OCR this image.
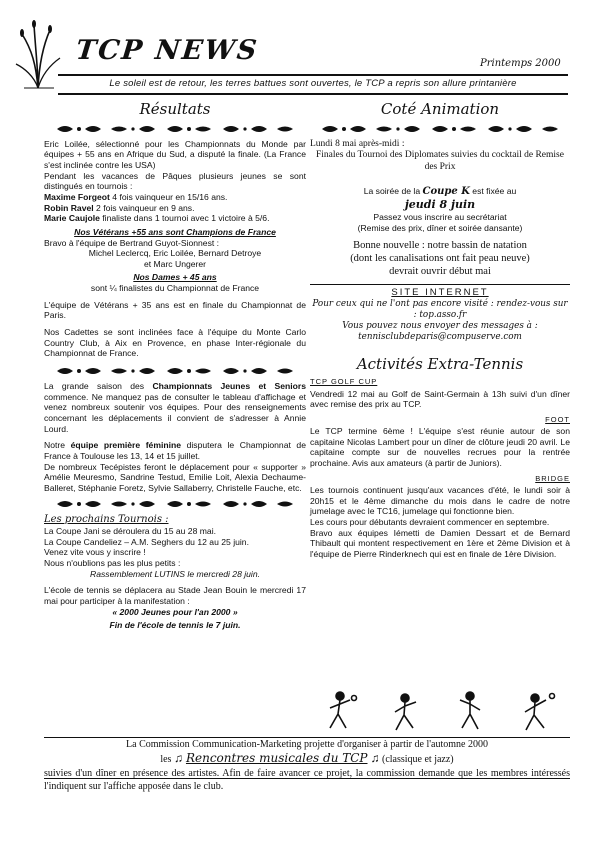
TCP NEWS	Printemps 2000
Le soleil est de retour, les terres battues sont ouvertes, le TCP a repris son allure printanière
Résultats

Eric Loilée, sélectionné pour les Championnats du Monde par équipes + 55 ans en Afrique du Sud, a disputé la finale. (La France s'est inclinée contre les USA)

Pendant les vacances de Pâques plusieurs jeunes se sont distingués en tournois :

Maxime Forgeot 4 fois vainqueur en 15/16 ans.

Robin Ravel 2 fois vainqueur en 9 ans.

Marie Caujole finaliste dans 1 tournoi avec 1 victoire à 5/6.

Nos Vétérans +55 ans sont Champions de France

Bravo à l'équipe de Bertrand Guyot-Sionnest :

Michel Leclercq, Eric Loilée, Bernard Detroye

et Marc Ungerer

Nos Dames + 45 ans

sont ¼ finalistes du Championnat de France

L'équipe de Vétérans + 35 ans est en finale du Championnat de Paris.

Nos Cadettes se sont inclinées face à l'équipe du Monte Carlo Country Club, à Aix en Provence, en phase Inter-régionale du Championnat de France.

La grande saison des Championnats Jeunes et Seniors commence. Ne manquez pas de consulter le tableau d'affichage et venez nombreux soutenir vos équipes. Pour des renseignements concernant les déplacements il convient de s'adresser à Annie Lourd.

Notre équipe première féminine disputera le Championnat de France à Toulouse les 13, 14 et 15 juillet.

De nombreux Tecépistes feront le déplacement pour « supporter » Amélie Meuresmo, Sandrine Testud, Emilie Loit, Alexia Dechaume-Balleret, Stéphanie Foretz, Sylvie Sallaberry, Christelle Fauche, etc.

Les prochains Tournois :

La Coupe Jani se déroulera du 15 au 28 mai.

La Coupe Candeliez – A.M. Seghers du 12 au 25 juin.

Venez vite vous y inscrire !

Nous n'oublions pas les plus petits :

Rassemblement LUTINS le mercredi 28 juin.

L'école de tennis se déplacera au Stade Jean Bouin le mercredi 17 mai pour participer à la manifestation :

« 2000 Jeunes pour l'an 2000 »

Fin de l'école de tennis le 7 juin.

Coté Animation

Lundi 8 mai après-midi :

Finales du Tournoi des Diplomates suivies du cocktail de Remise des Prix

La soirée de la Coupe K est fixée au

jeudi 8 juin

Passez vous inscrire au secrétariat

(Remise des prix, dîner et soirée dansante)

Bonne nouvelle : notre bassin de natation

(dont les canalisations ont fait peau neuve)

devrait ouvrir début mai

SITE INTERNET

Pour ceux qui ne l'ont pas encore visité : rendez-vous sur : top.asso.fr

Vous pouvez nous envoyer des messages à :

tennisclubdeparis@compuserve.com

Activités Extra-Tennis

TCP GOLF CUP

Vendredi 12 mai au Golf de Saint-Germain à 13h suivi d'un dîner avec remise des prix au TCP.

FOOT

Le TCP termine 6ème ! L'équipe s'est réunie autour de son capitaine Nicolas Lambert pour un dîner de clôture jeudi 20 avril. Le capitaine compte sur de nouvelles recrues pour la rentrée prochaine. Avis aux amateurs (à partir de Juniors).

BRIDGE

Les tournois continuent jusqu'aux vacances d'été, le lundi soir à 20h15 et le 4ème dimanche du mois dans le cadre de notre jumelage avec le TC16, jumelage qui fonctionne bien.

Les cours pour débutants devraient commencer en septembre.

Bravo aux équipes Iémetti de Damien Dessart et de Bernard Thibault qui montent respectivement en 1ère et 2ème Division et à l'équipe de Pierre Rinderknech qui est en finale de 1ère Division.

La Commission Communication-Marketing projette d'organiser à partir de l'automne 2000

les ♫ Rencontres musicales du TCP ♫ (classique et jazz)

suivies d'un dîner en présence des artistes. Afin de faire avancer ce projet, la commission demande que les membres intéressés l'indiquent sur l'affiche apposée dans le club.
